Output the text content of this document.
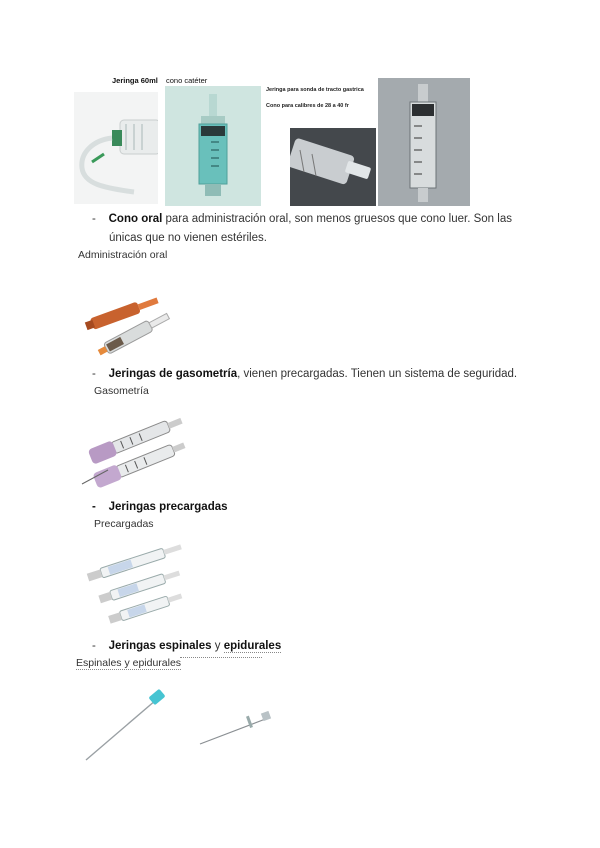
Jeringa 60ml cono catéter
Jeringa para sonda de tracto gastrica
Cono para calibres de 28 a 40 fr
- Cono oral para administración oral, son menos gruesos que cono luer. Son las
únicas que no vienen estériles.
Administración oral
- Jeringas de gasometría, vienen precargadas. Tienen un sistema de seguridad.
Gasometría
- Jeringas precargadas
Precargadas
- Jeringas espinales y epidurales
Espinales y epidurales
